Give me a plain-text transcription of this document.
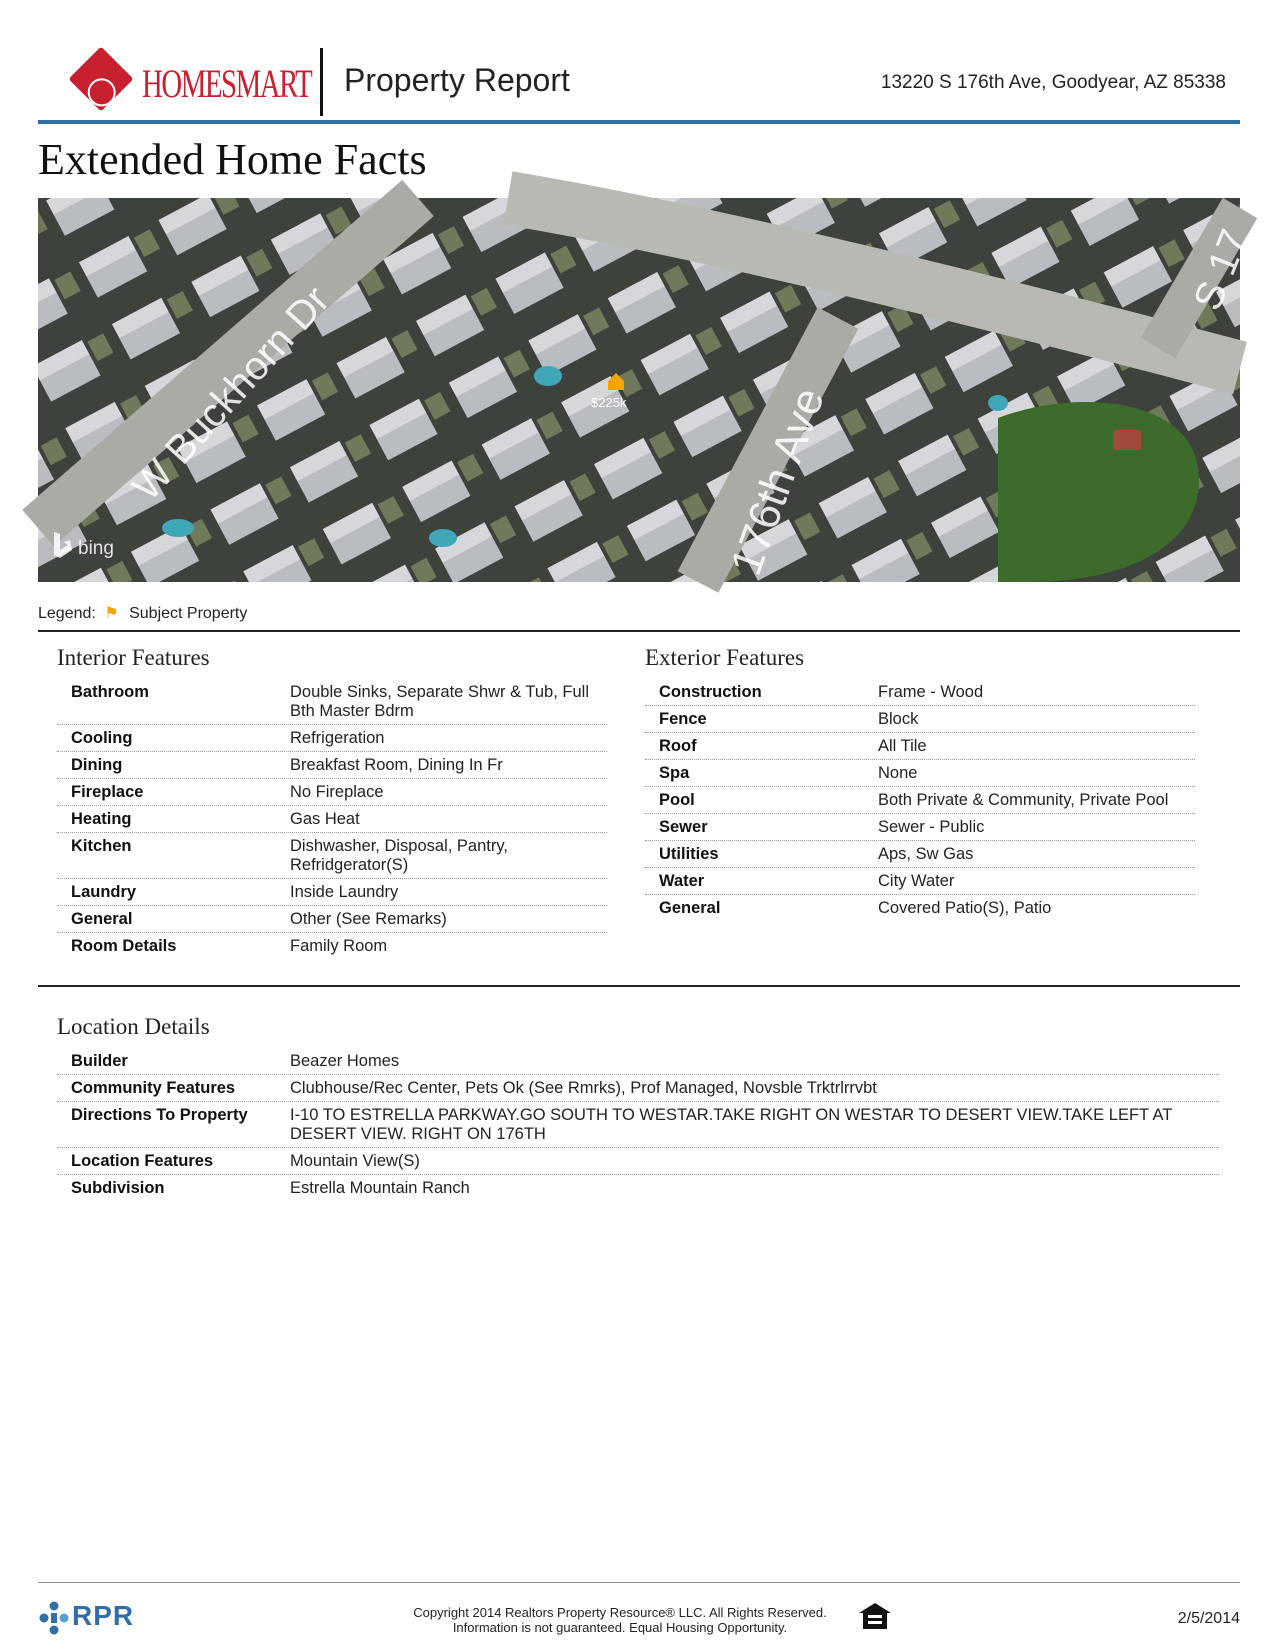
HOMESMART Property Report	13220 S 176th Ave, Goodyear, AZ 85338
Extended Home Facts
W Buckhorn Dr	176th Ave
S 17
$225k
bing
Legend: ⚑ Subject Property
Interior Features
Bathroom	Double Sinks, Separate Shwr & Tub, Full Bth Master Bdrm
Cooling	Refrigeration
Dining	Breakfast Room, Dining In Fr
Fireplace	No Fireplace
Heating	Gas Heat
Kitchen	Dishwasher, Disposal, Pantry, Refridgerator(S)
Laundry	Inside Laundry
General	Other (See Remarks)
Room Details	Family Room
Exterior Features
Construction	Frame - Wood
Fence	Block
Roof	All Tile
Spa	None
Pool	Both Private & Community, Private Pool
Sewer	Sewer - Public
Utilities	Aps, Sw Gas
Water	City Water
General	Covered Patio(S), Patio
Location Details
Builder	Beazer Homes
Community Features	Clubhouse/Rec Center, Pets Ok (See Rmrks), Prof Managed, Novsble Trktrlrrvbt
Directions To Property	I-10 TO ESTRELLA PARKWAY.GO SOUTH TO WESTAR.TAKE RIGHT ON WESTAR TO DESERT VIEW.TAKE LEFT AT DESERT VIEW. RIGHT ON 176TH
Location Features	Mountain View(S)
Subdivision	Estrella Mountain Ranch
RPR	Copyright 2014 Realtors Property Resource® LLC. All Rights Reserved.
Information is not guaranteed. Equal Housing Opportunity.
2/5/2014
